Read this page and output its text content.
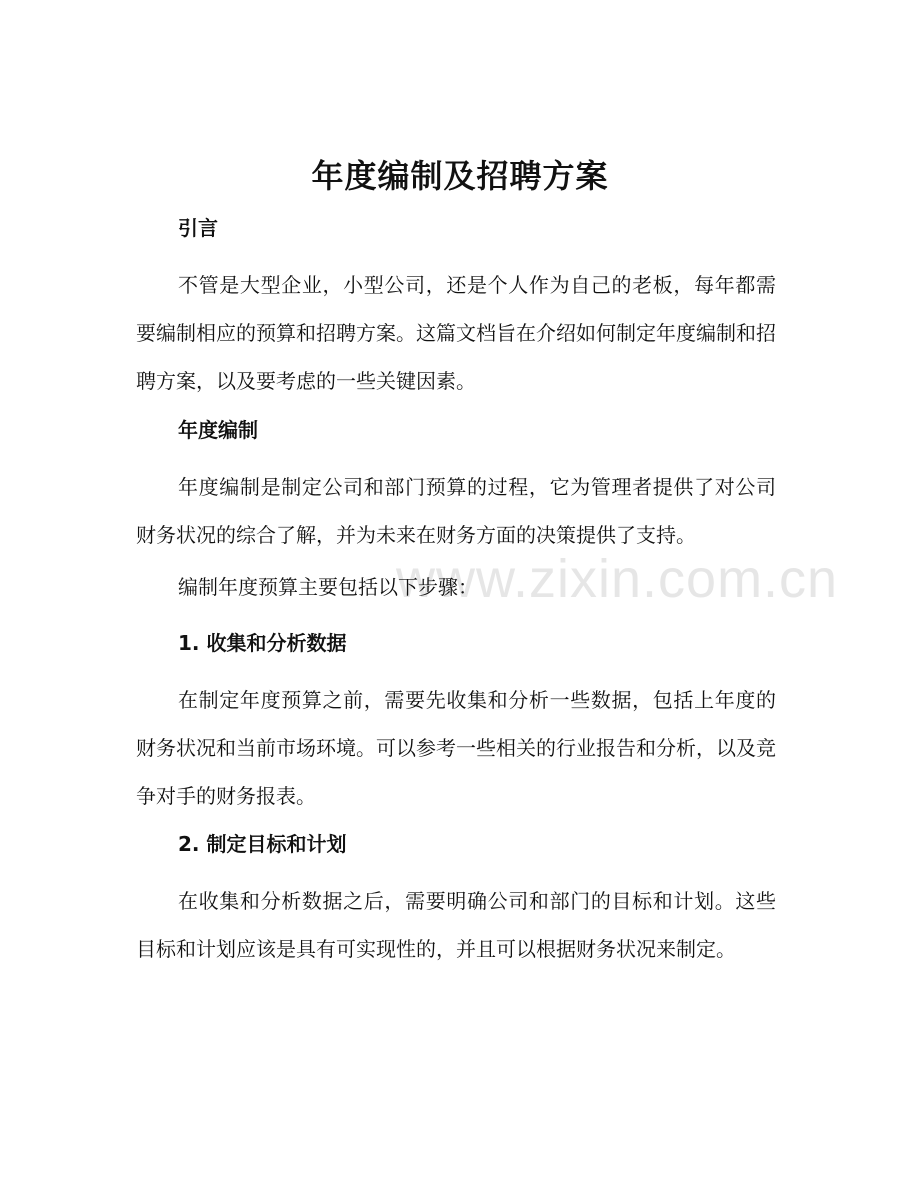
年度编制及招聘方案
引言
不管是大型企业，小型公司，还是个人作为自己的老板，每年都需要编制相应的预算和招聘方案。这篇文档旨在介绍如何制定年度编制和招聘方案，以及要考虑的一些关键因素。
年度编制
年度编制是制定公司和部门预算的过程，它为管理者提供了对公司财务状况的综合了解，并为未来在财务方面的决策提供了支持。
www.zixin.com.cn
编制年度预算主要包括以下步骤：
1. 收集和分析数据
在制定年度预算之前，需要先收集和分析一些数据，包括上年度的财务状况和当前市场环境。可以参考一些相关的行业报告和分析，以及竞争对手的财务报表。
2. 制定目标和计划
在收集和分析数据之后，需要明确公司和部门的目标和计划。这些目标和计划应该是具有可实现性的，并且可以根据财务状况来制定。
